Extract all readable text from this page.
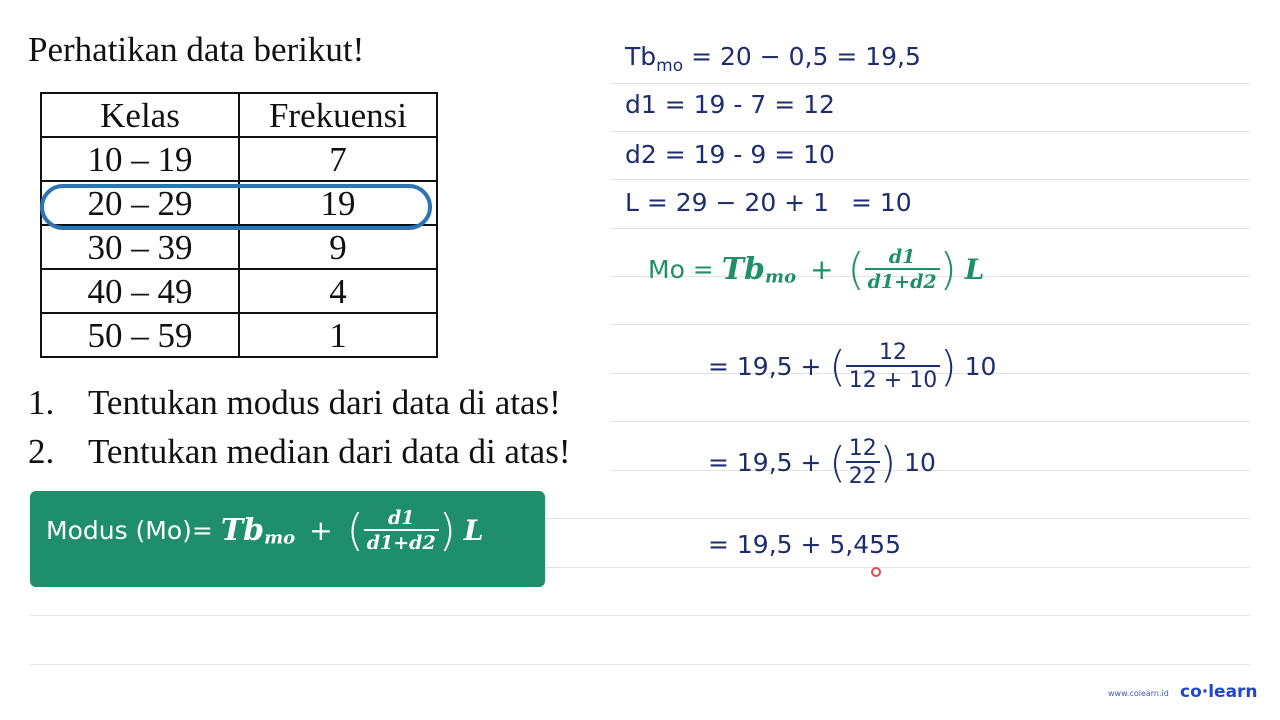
Perhatikan data berikut!
Kelas	Frekuensi
10 – 19	7
20 – 29	19
30 – 39	9
40 – 49	4
50 – 59	1
1. Tentukan modus dari data di atas!
2. Tentukan median dari data di atas!
Modus $(Mo)= Tb_{mo}$ + ( $\frac{d1}{d1+d2}$ ) L
$Tb_{mo} = 20 - 0,5 = 19,5$
d1 = 19 - 7 = 12
d2 = 19 - 9 = 10
L = 29 − 20 + 1 = 10
$Mo = Tb_{mo}$ + ( $\frac{d1}{d1+d2}$ ) L
= 19,5 + ( $\frac{12}{12 + 10}$ ) 10
= 19,5 + ( $\frac{12}{22}$ ) 10
= 19,5 + 5,455
www.colearn.id co·learn
